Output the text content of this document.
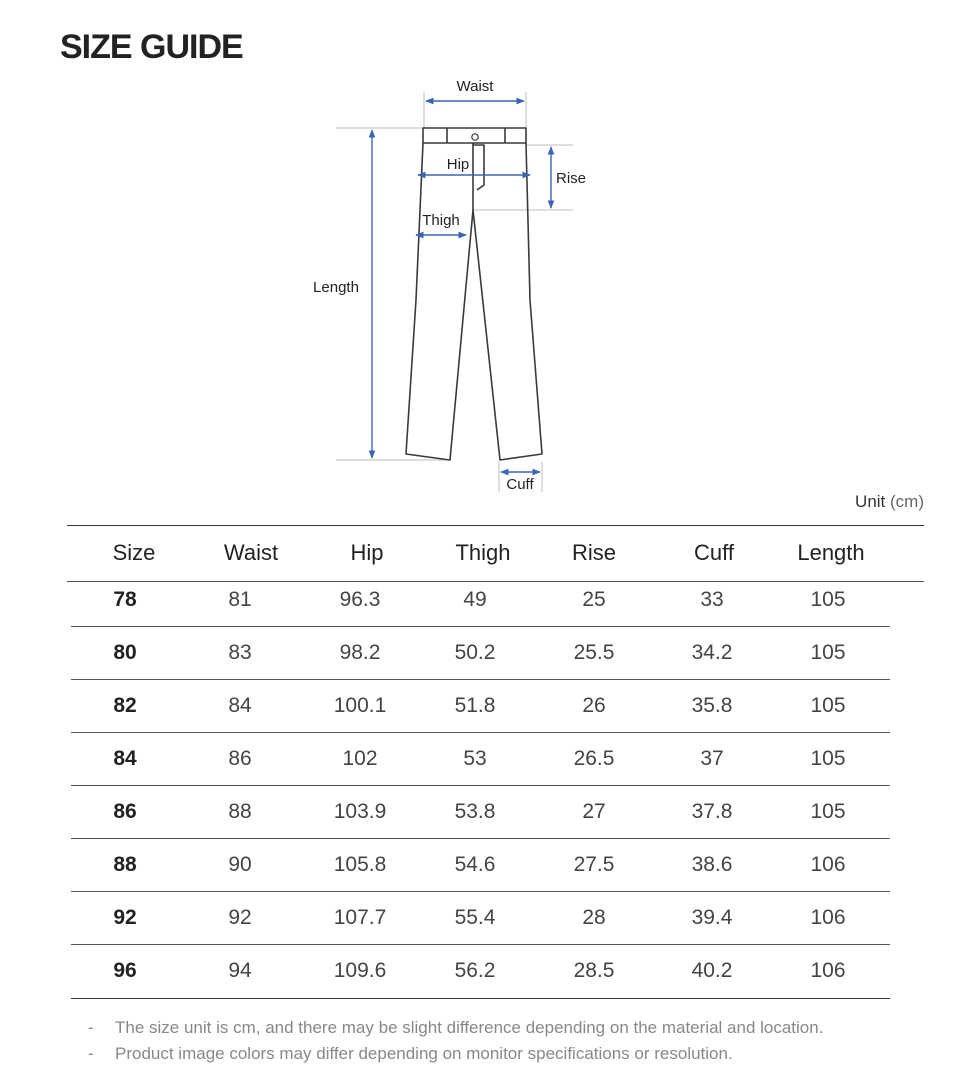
SIZE GUIDE
Waist
Hip
Rise
Thigh
Length
Cuff
Unit (cm)
Size	Waist	Hip	Thigh	Rise	Cuff	Length
78	81	96.3	49	25	33	105
80	83	98.2	50.2	25.5	34.2	105
82	84	100.1	51.8	26	35.8	105
84	86	102	53	26.5	37	105
86	88	103.9	53.8	27	37.8	105
88	90	105.8	54.6	27.5	38.6	106
92	92	107.7	55.4	28	39.4	106
96	94	109.6	56.2	28.5	40.2	106
- The size unit is cm, and there may be slight difference depending on the material and location.
- Product image colors may differ depending on monitor specifications or resolution.
